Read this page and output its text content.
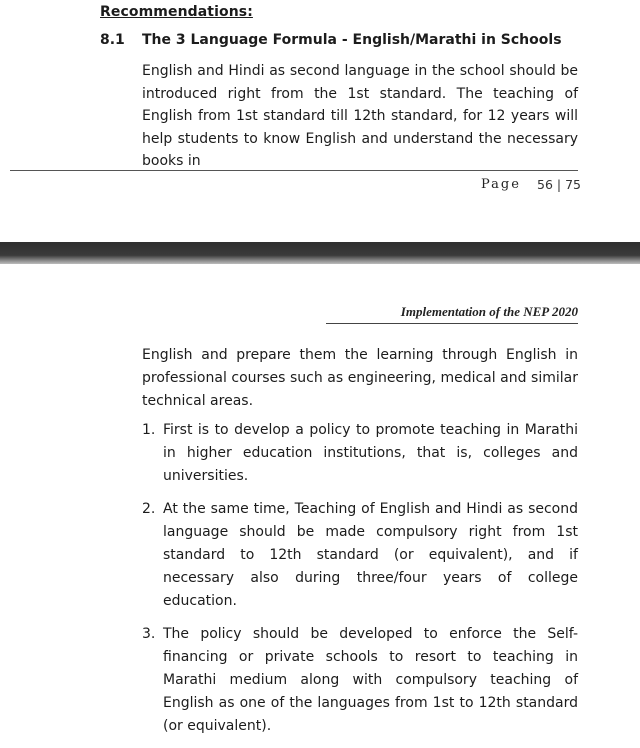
Recommendations:
8.1 The 3 Language Formula - English/Marathi in Schools

English and Hindi as second language in the school should be introduced right from the 1st standard. The teaching of English from 1st standard till 12th standard, for 12 years will help students to know English and understand the necessary books in

Page 56 | 75
Implementation of the NEP 2020

English and prepare them the learning through English in professional courses such as engineering, medical and similar technical areas.

1. First is to develop a policy to promote teaching in Marathi in higher education institutions, that is, colleges and universities.
2. At the same time, Teaching of English and Hindi as second language should be made compulsory right from 1st standard to 12th standard (or equivalent), and if necessary also during three/four years of college education.
3. The policy should be developed to enforce the Self- financing or private schools to resort to teaching in Marathi medium along with compulsory teaching of English as one of the languages from 1st to 12th standard (or equivalent).
